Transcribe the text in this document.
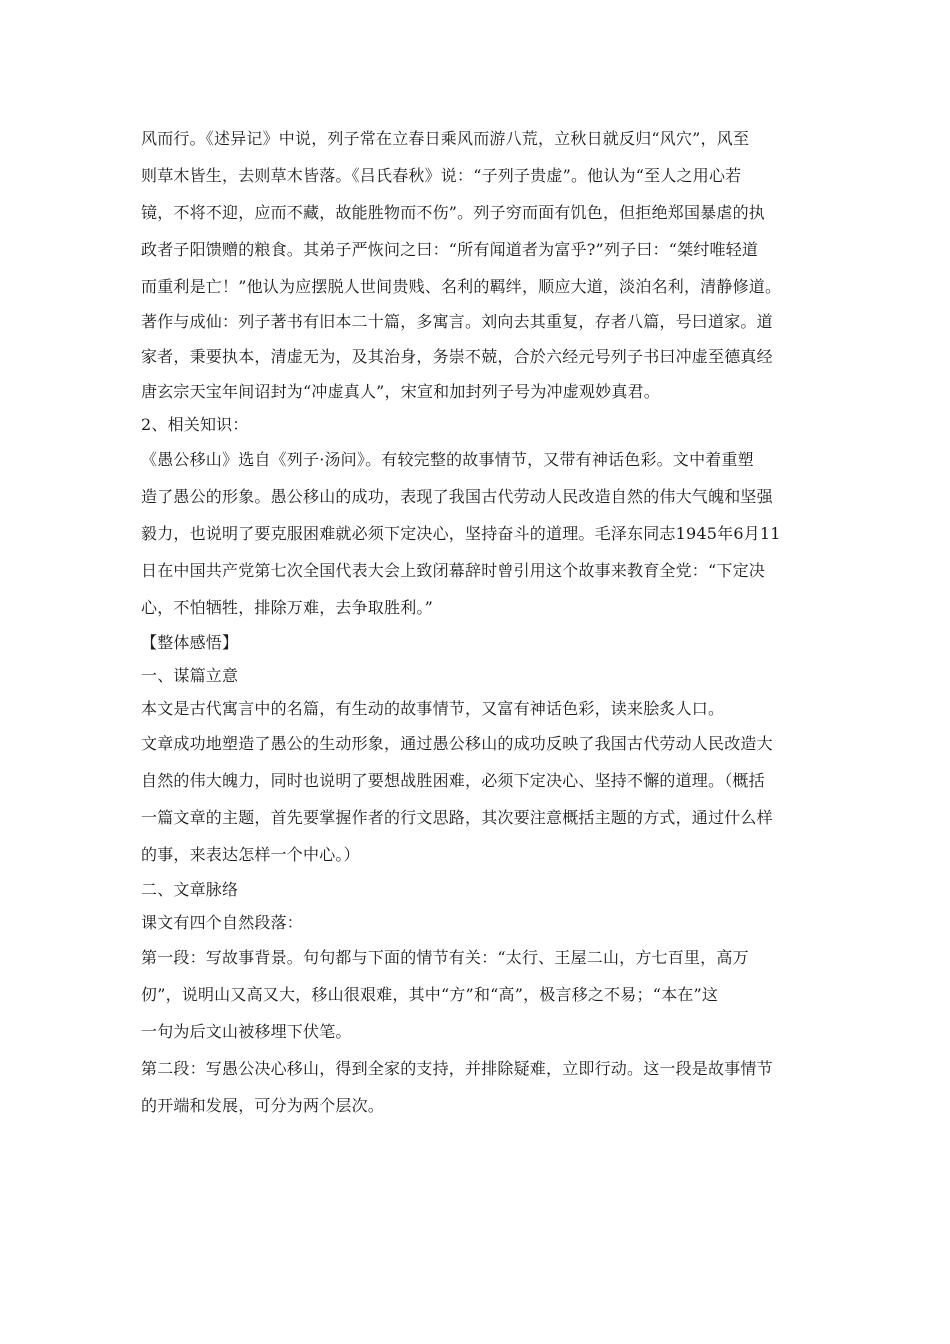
风而行。《述异记》中说，列子常在立春日乘风而游八荒，立秋日就反归“风穴”，风至
则草木皆生，去则草木皆落。《吕氏春秋》说：“子列子贵虚”。他认为“至人之用心若
镜，不将不迎，应而不藏，故能胜物而不伤”。列子穷而面有饥色，但拒绝郑国暴虐的执
政者子阳馈赠的粮食。其弟子严恢问之曰：“所有闻道者为富乎?”列子曰：“桀纣唯轻道
而重利是亡！”他认为应摆脱人世间贵贱、名利的羁绊，顺应大道，淡泊名利，清静修道。
著作与成仙：列子著书有旧本二十篇，多寓言。刘向去其重复，存者八篇，号曰道家。道
家者，秉要执本，清虚无为，及其治身，务崇不兢，合於六经元号列子书曰冲虚至德真经
唐玄宗天宝年间诏封为“冲虚真人”，宋宣和加封列子号为冲虚观妙真君。
2、相关知识：
《愚公移山》选自《列子·汤问》。有较完整的故事情节，又带有神话色彩。文中着重塑
造了愚公的形象。愚公移山的成功，表现了我国古代劳动人民改造自然的伟大气魄和坚强
毅力，也说明了要克服困难就必须下定决心，坚持奋斗的道理。毛泽东同志1945年6月11
日在中国共产党第七次全国代表大会上致闭幕辞时曾引用这个故事来教育全党：“下定决
心，不怕牺牲，排除万难，去争取胜利。”
【整体感悟】
一、谋篇立意
本文是古代寓言中的名篇，有生动的故事情节，又富有神话色彩，读来脍炙人口。
文章成功地塑造了愚公的生动形象，通过愚公移山的成功反映了我国古代劳动人民改造大
自然的伟大魄力，同时也说明了要想战胜困难，必须下定决心、坚持不懈的道理。（概括
一篇文章的主题，首先要掌握作者的行文思路，其次要注意概括主题的方式，通过什么样
的事，来表达怎样一个中心。）
二、文章脉络
课文有四个自然段落：
第一段：写故事背景。句句都与下面的情节有关：“太行、王屋二山，方七百里，高万
仞”，说明山又高又大，移山很艰难，其中“方”和“高”，极言移之不易；“本在”这
一句为后文山被移埋下伏笔。
第二段：写愚公决心移山，得到全家的支持，并排除疑难，立即行动。这一段是故事情节
的开端和发展，可分为两个层次。
